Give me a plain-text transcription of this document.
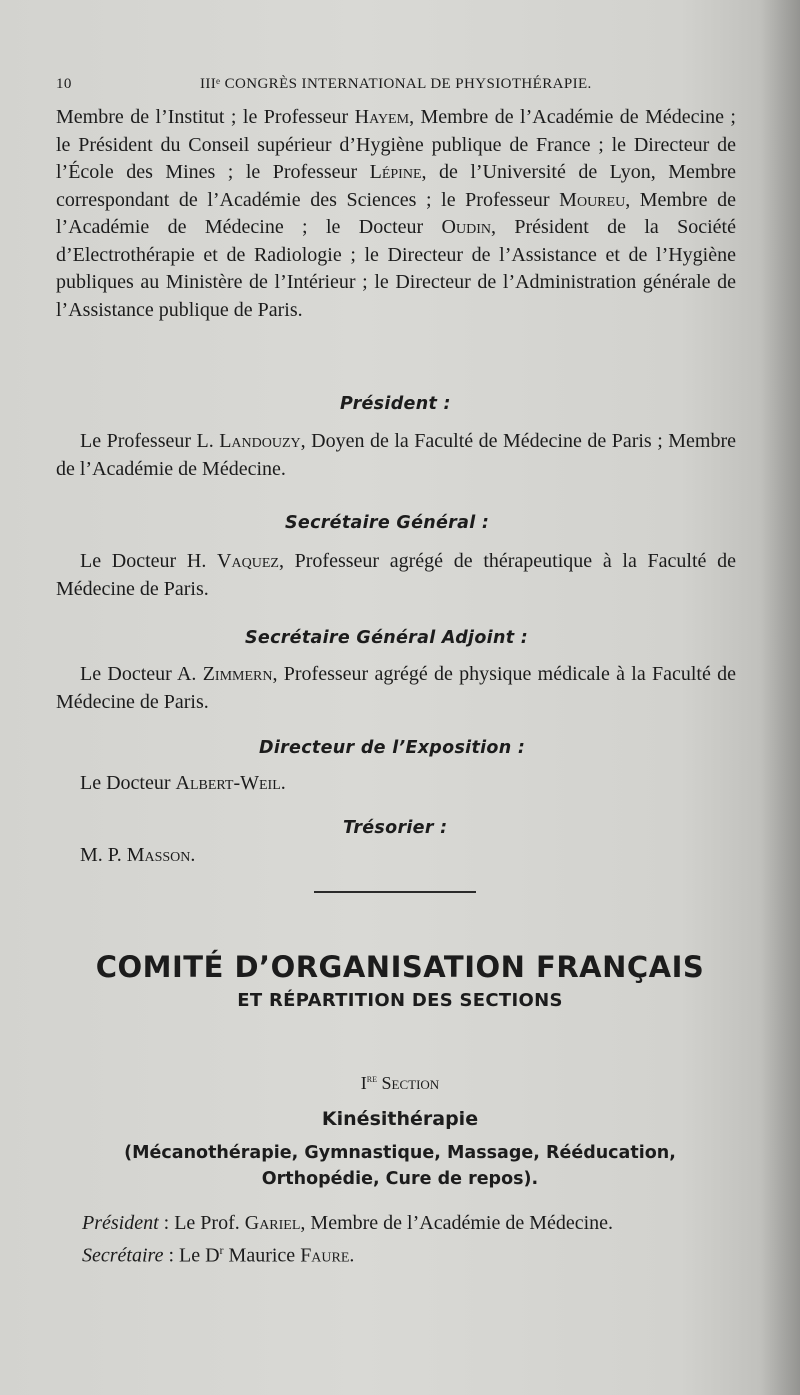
10	IIIᵉ CONGRÈS INTERNATIONAL DE PHYSIOTHÉRAPIE.
Membre de l’Institut ; le Professeur Hayem, Membre de l’Académie de Médecine ; le Président du Conseil supérieur d’Hygiène publique de France ; le Directeur de l’École des Mines ; le Professeur Lépine, de l’Université de Lyon, Membre correspondant de l’Académie des Sciences ; le Professeur Moureu, Membre de l’Académie de Médecine ; le Docteur Oudin, Président de la Société d’Electrothérapie et de Radiologie ; le Directeur de l’Assistance et de l’Hygiène publiques au Ministère de l’Intérieur ; le Directeur de l’Administration générale de l’Assistance publique de Paris.
Président :
Le Professeur L. Landouzy, Doyen de la Faculté de Médecine de Paris ; Membre de l’Académie de Médecine.
Secrétaire Général :
Le Docteur H. Vaquez, Professeur agrégé de thérapeutique à la Faculté de Médecine de Paris.
Secrétaire Général Adjoint :
Le Docteur A. Zimmern, Professeur agrégé de physique médicale à la Faculté de Médecine de Paris.
Directeur de l’Exposition :
Le Docteur Albert-Weil.
Trésorier :
M. P. Masson.
COMITÉ D’ORGANISATION FRANÇAIS
ET RÉPARTITION DES SECTIONS
Ire Section
Kinésithérapie
(Mécanothérapie, Gymnastique, Massage, Rééducation, Orthopédie, Cure de repos).
Président : Le Prof. Gariel, Membre de l’Académie de Médecine.
Secrétaire : Le $D^r$ Maurice Faure.
